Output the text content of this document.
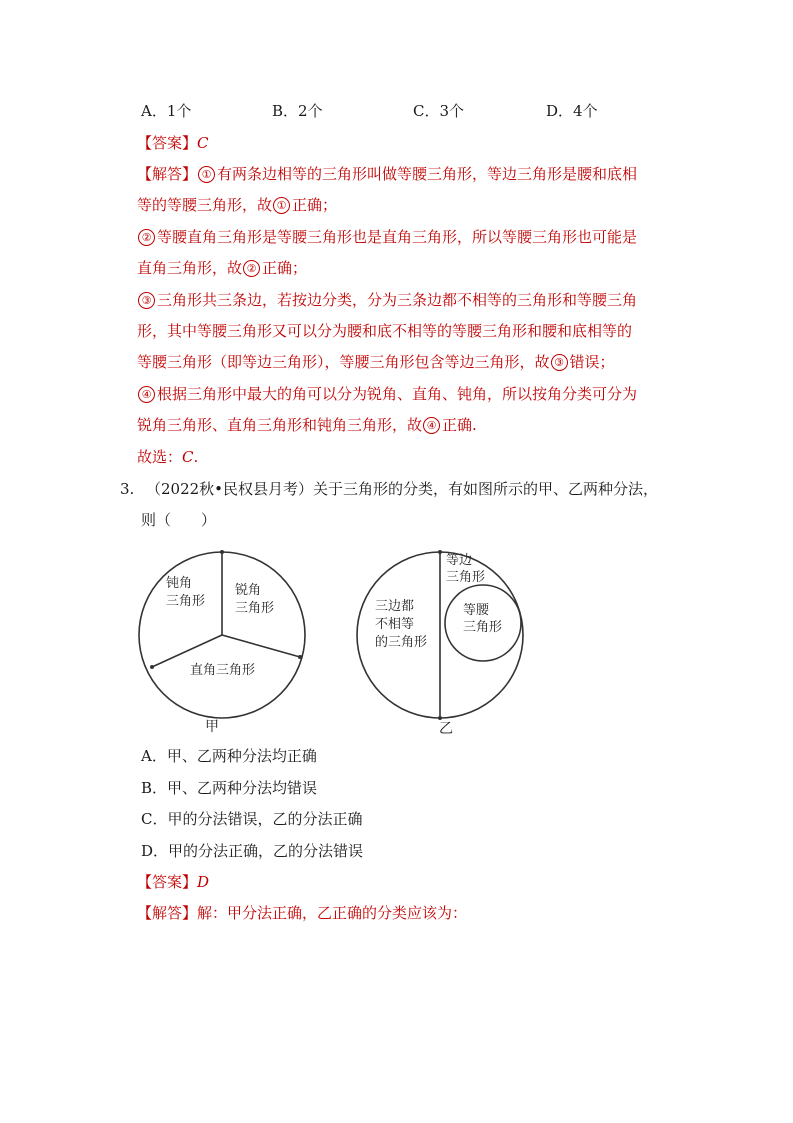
A．1个	B．2个	C．3个	D．4个
【答案】C
【解答】 ① 有两条边相等的三角形叫做等腰三角形，等边三角形是腰和底相
等的等腰三角形，故 ① 正确；
② 等腰直角三角形是等腰三角形也是直角三角形，所以等腰三角形也可能是
直角三角形，故 ② 正确；
③ 三角形共三条边，若按边分类，分为三条边都不相等的三角形和等腰三角
形，其中等腰三角形又可以分为腰和底不相等的等腰三角形和腰和底相等的
等腰三角形（即等边三角形），等腰三角形包含等边三角形，故 ③ 错误；
④ 根据三角形中最大的角可以分为锐角、直角、钝角，所以按角分类可分为
锐角三角形、直角三角形和钝角三角形，故 ④ 正确.
故选：C.
3. （2022秋•民权县月考）关于三角形的分类，有如图所示的甲、乙两种分法，
则（　　）
钝角
三角形
锐角
三角形
直角三角形
甲
等边
三角形
等腰
三角形
三边都
不相等
的三角形
乙
A．甲、乙两种分法均正确
B．甲、乙两种分法均错误
C．甲的分法错误，乙的分法正确
D．甲的分法正确，乙的分法错误
【答案】D
【解答】解：甲分法正确，乙正确的分类应该为：
